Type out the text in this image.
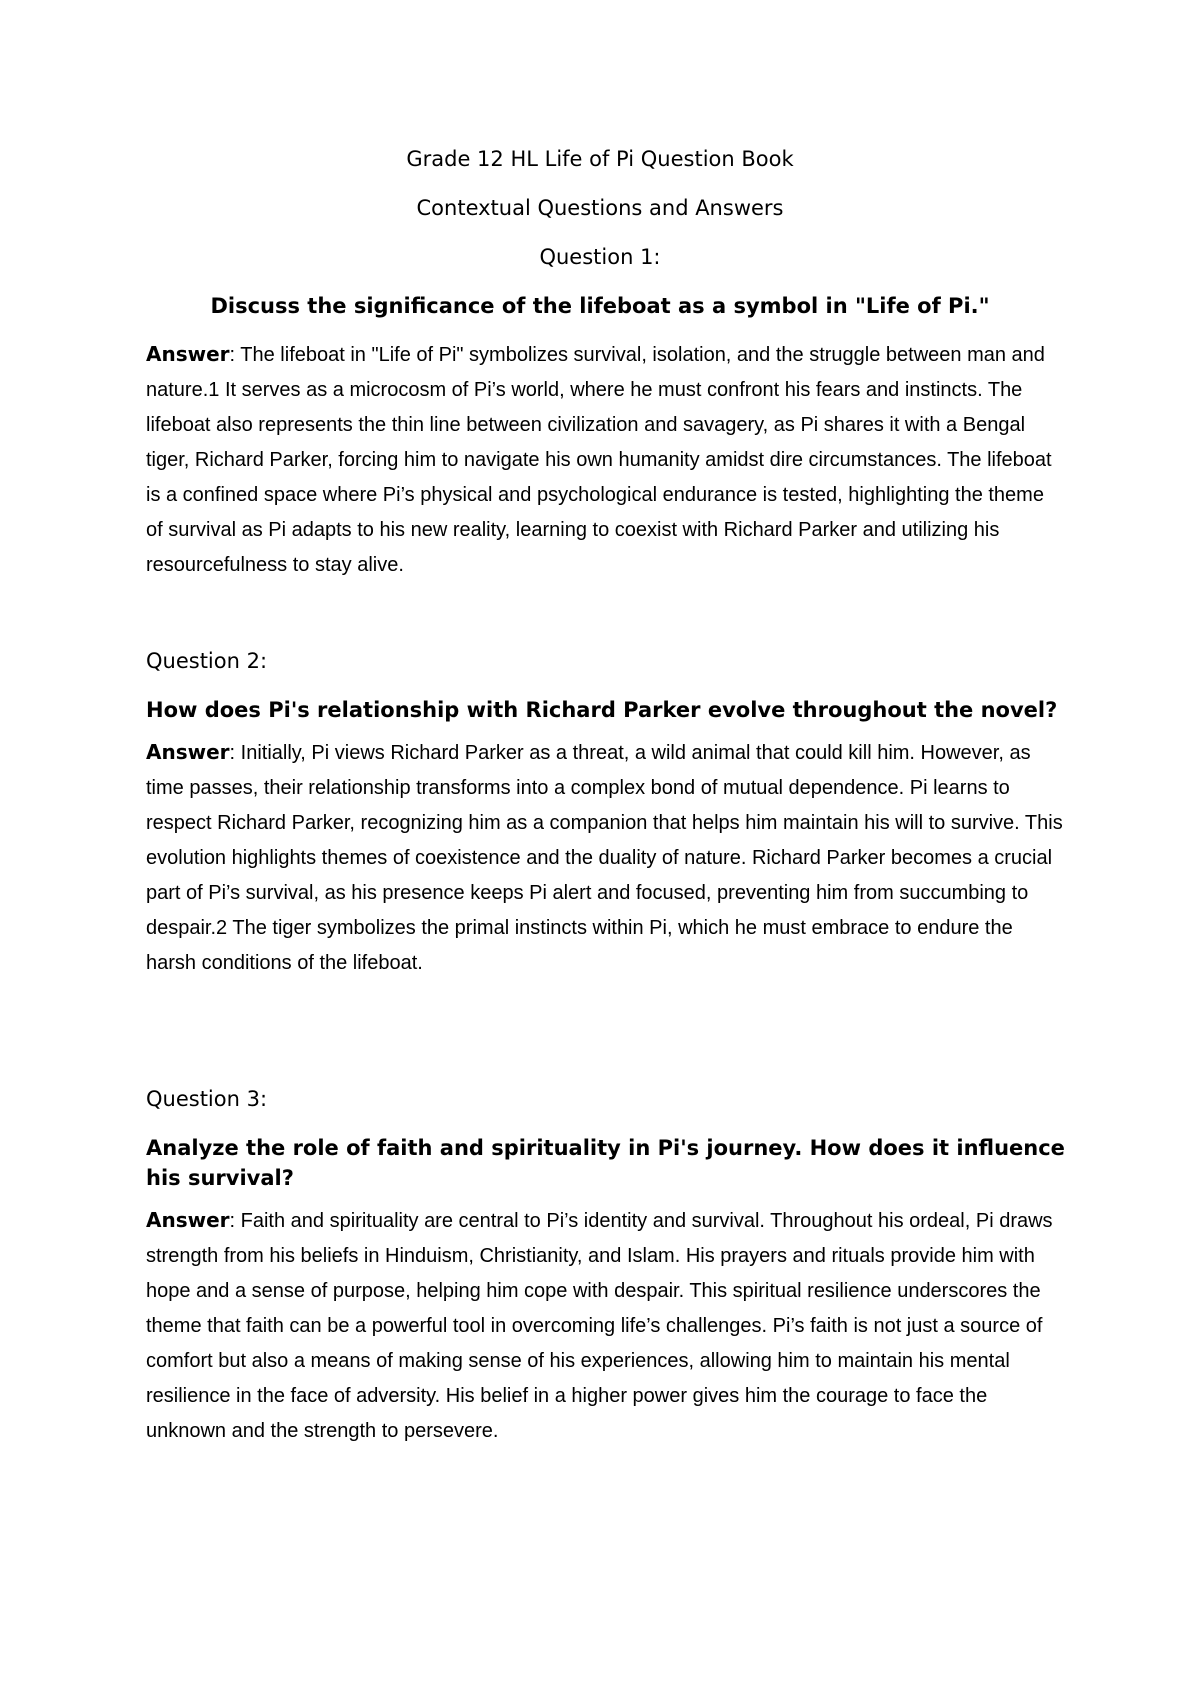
Grade 12 HL Life of Pi Question Book
Contextual Questions and Answers
Question 1:
Discuss the significance of the lifeboat as a symbol in "Life of Pi."

Answer: The lifeboat in "Life of Pi" symbolizes survival, isolation, and the struggle between man and nature.1 It serves as a microcosm of Pi’s world, where he must confront his fears and instincts. The lifeboat also represents the thin line between civilization and savagery, as Pi shares it with a Bengal tiger, Richard Parker, forcing him to navigate his own humanity amidst dire circumstances. The lifeboat is a confined space where Pi’s physical and psychological endurance is tested, highlighting the theme of survival as Pi adapts to his new reality, learning to coexist with Richard Parker and utilizing his resourcefulness to stay alive.

Question 2:
How does Pi's relationship with Richard Parker evolve throughout the novel?

Answer: Initially, Pi views Richard Parker as a threat, a wild animal that could kill him. However, as time passes, their relationship transforms into a complex bond of mutual dependence. Pi learns to respect Richard Parker, recognizing him as a companion that helps him maintain his will to survive. This evolution highlights themes of coexistence and the duality of nature. Richard Parker becomes a crucial part of Pi’s survival, as his presence keeps Pi alert and focused, preventing him from succumbing to despair.2 The tiger symbolizes the primal instincts within Pi, which he must embrace to endure the harsh conditions of the lifeboat.

Question 3:
Analyze the role of faith and spirituality in Pi's journey. How does it influence his survival?

Answer: Faith and spirituality are central to Pi’s identity and survival. Throughout his ordeal, Pi draws strength from his beliefs in Hinduism, Christianity, and Islam. His prayers and rituals provide him with hope and a sense of purpose, helping him cope with despair. This spiritual resilience underscores the theme that faith can be a powerful tool in overcoming life’s challenges. Pi’s faith is not just a source of comfort but also a means of making sense of his experiences, allowing him to maintain his mental resilience in the face of adversity. His belief in a higher power gives him the courage to face the unknown and the strength to persevere.
